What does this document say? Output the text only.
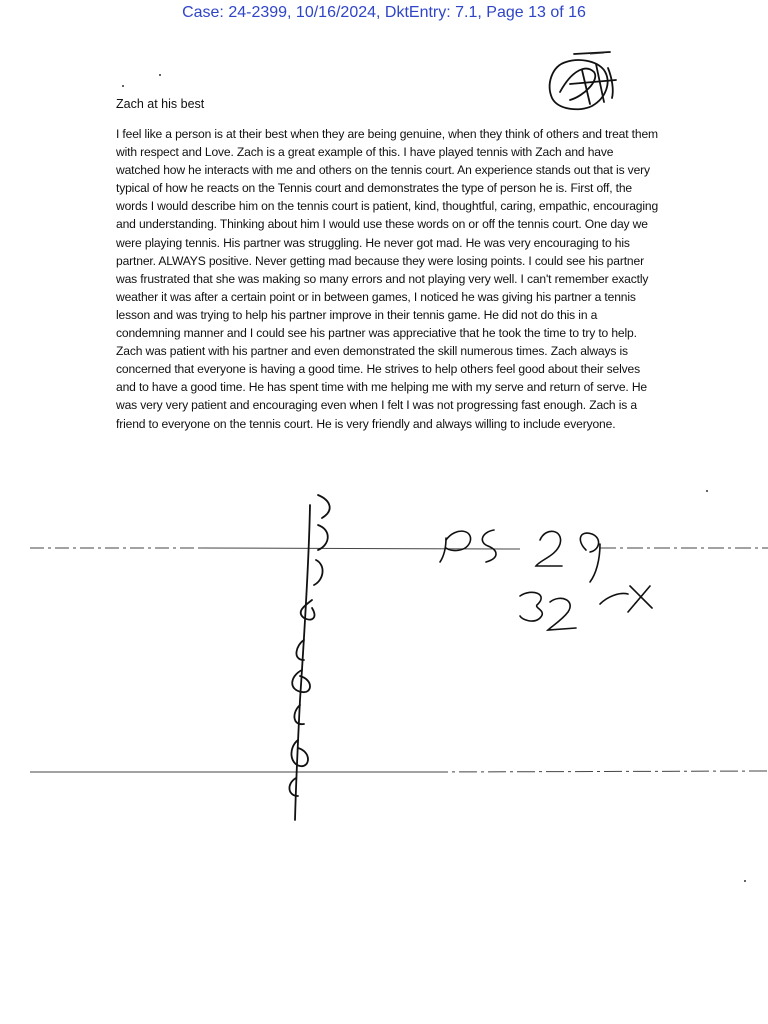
Case: 24-2399, 10/16/2024, DktEntry: 7.1, Page 13 of 16
Zach at his best

I feel like a person is at their best when they are being genuine, when they think of others and treat them with respect and Love. Zach is a great example of this. I have played tennis with Zach and have watched how he interacts with me and others on the tennis court. An experience stands out that is very typical of how he reacts on the Tennis court and demonstrates the type of person he is. First off, the words I would describe him on the tennis court is patient, kind, thoughtful, caring, empathic, encouraging and understanding. Thinking about him I would use these words on or off the tennis court. One day we were playing tennis. His partner was struggling. He never got mad. He was very encouraging to his partner. ALWAYS positive. Never getting mad because they were losing points. I could see his partner was frustrated that she was making so many errors and not playing very well. I can't remember exactly weather it was after a certain point or in between games, I noticed he was giving his partner a tennis lesson and was trying to help his partner improve in their tennis game. He did not do this in a condemning manner and I could see his partner was appreciative that he took the time to try to help. Zach was patient with his partner and even demonstrated the skill numerous times. Zach always is concerned that everyone is having a good time. He strives to help others feel good about their selves and to have a good time. He has spent time with me helping me with my serve and return of serve. He was very very patient and encouraging even when I felt I was not progressing fast enough. Zach is a friend to everyone on the tennis court. He is very friendly and always willing to include everyone.
